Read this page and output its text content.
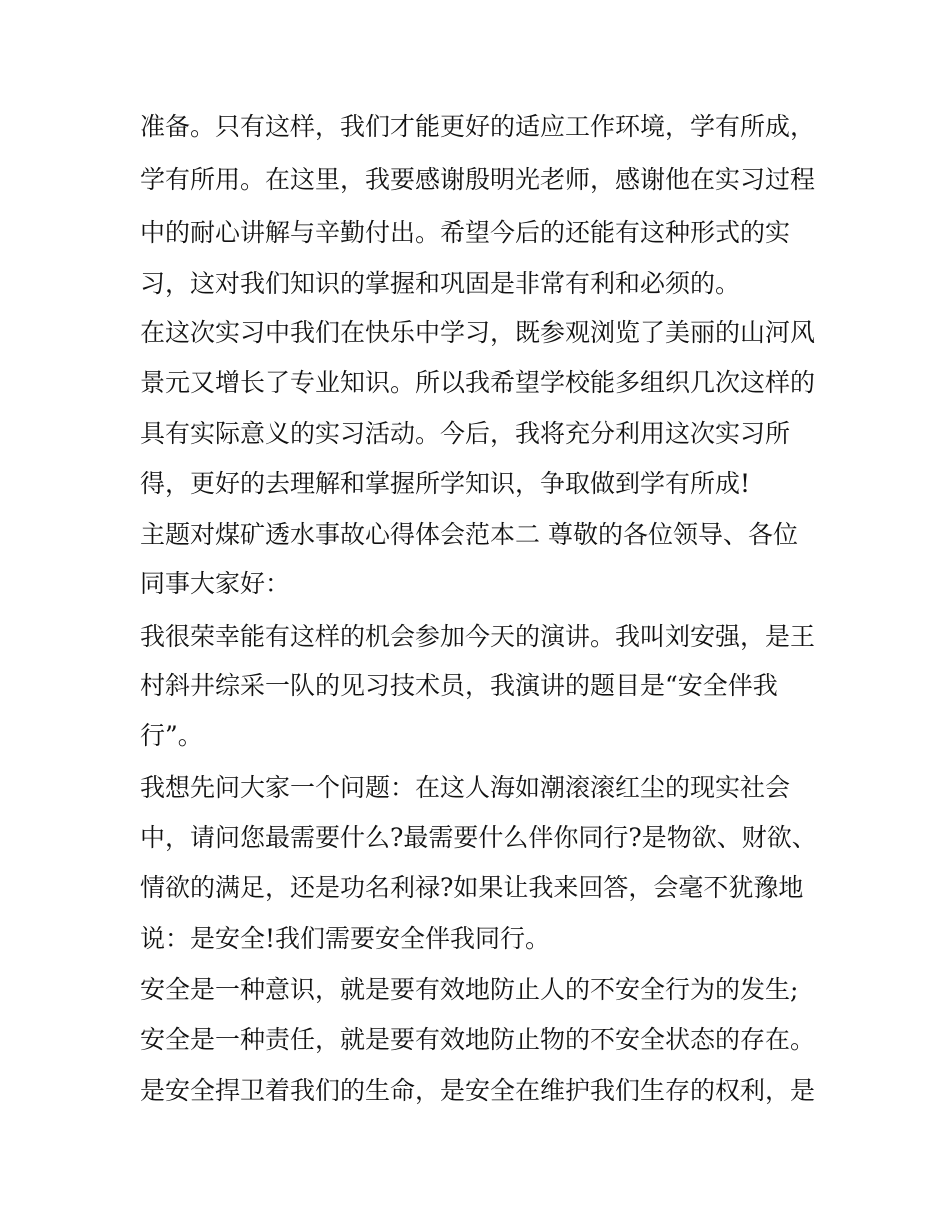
准备。只有这样，我们才能更好的适应工作环境，学有所成，
学有所用。在这里，我要感谢殷明光老师，感谢他在实习过程
中的耐心讲解与辛勤付出。希望今后的还能有这种形式的实
习，这对我们知识的掌握和巩固是非常有利和必须的。
在这次实习中我们在快乐中学习，既参观浏览了美丽的山河风
景元又增长了专业知识。所以我希望学校能多组织几次这样的
具有实际意义的实习活动。今后，我将充分利用这次实习所
得，更好的去理解和掌握所学知识，争取做到学有所成!
主题对煤矿透水事故心得体会范本二 尊敬的各位领导、各位
同事大家好：
我很荣幸能有这样的机会参加今天的演讲。我叫刘安强，是王
村斜井综采一队的见习技术员，我演讲的题目是“安全伴我
行”。
我想先问大家一个问题：在这人海如潮滚滚红尘的现实社会
中，请问您最需要什么?最需要什么伴你同行?是物欲、财欲、
情欲的满足，还是功名利禄?如果让我来回答，会毫不犹豫地
说：是安全!我们需要安全伴我同行。
安全是一种意识，就是要有效地防止人的不安全行为的发生;
安全是一种责任，就是要有效地防止物的不安全状态的存在。
是安全捍卫着我们的生命，是安全在维护我们生存的权利，是
